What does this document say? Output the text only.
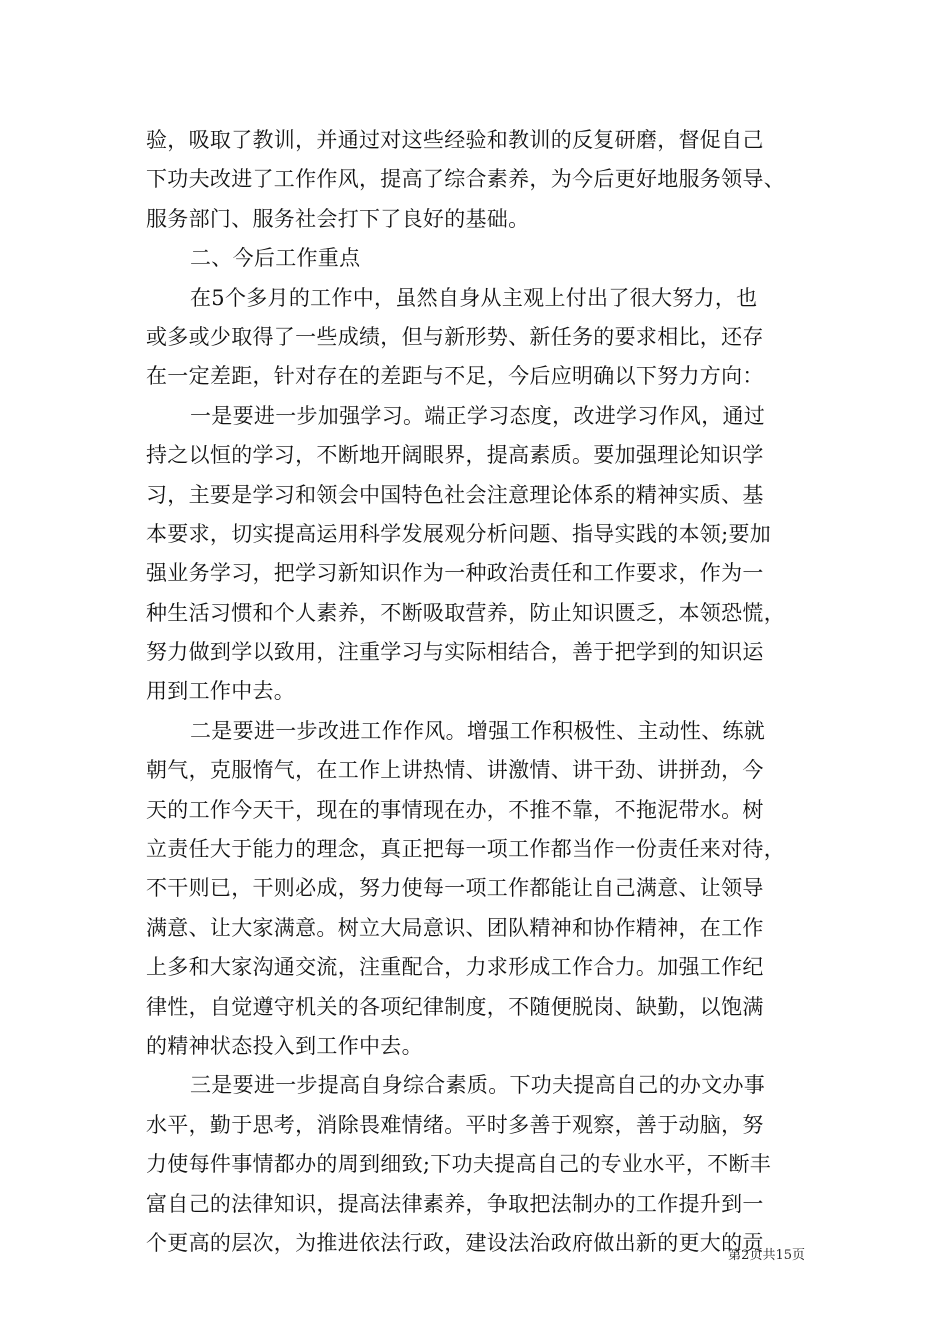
验，吸取了教训，并通过对这些经验和教训的反复研磨，督促自己
下功夫改进了工作作风，提高了综合素养，为今后更好地服务领导、
服务部门、服务社会打下了良好的基础。
二、今后工作重点
在5个多月的工作中，虽然自身从主观上付出了很大努力，也
或多或少取得了一些成绩，但与新形势、新任务的要求相比，还存
在一定差距，针对存在的差距与不足，今后应明确以下努力方向：
一是要进一步加强学习。端正学习态度，改进学习作风，通过
持之以恒的学习，不断地开阔眼界，提高素质。要加强理论知识学
习，主要是学习和领会中国特色社会注意理论体系的精神实质、基
本要求，切实提高运用科学发展观分析问题、指导实践的本领;要加
强业务学习，把学习新知识作为一种政治责任和工作要求，作为一
种生活习惯和个人素养，不断吸取营养，防止知识匮乏，本领恐慌，
努力做到学以致用，注重学习与实际相结合，善于把学到的知识运
用到工作中去。
二是要进一步改进工作作风。增强工作积极性、主动性、练就
朝气，克服惰气，在工作上讲热情、讲激情、讲干劲、讲拼劲，今
天的工作今天干，现在的事情现在办，不推不靠，不拖泥带水。树
立责任大于能力的理念，真正把每一项工作都当作一份责任来对待，
不干则已，干则必成，努力使每一项工作都能让自己满意、让领导
满意、让大家满意。树立大局意识、团队精神和协作精神，在工作
上多和大家沟通交流，注重配合，力求形成工作合力。加强工作纪
律性，自觉遵守机关的各项纪律制度，不随便脱岗、缺勤，以饱满
的精神状态投入到工作中去。
三是要进一步提高自身综合素质。下功夫提高自己的办文办事
水平，勤于思考，消除畏难情绪。平时多善于观察，善于动脑，努
力使每件事情都办的周到细致;下功夫提高自己的专业水平，不断丰
富自己的法律知识，提高法律素养，争取把法制办的工作提升到一
个更高的层次，为推进依法行政，建设法治政府做出新的更大的贡
第2页共15页
